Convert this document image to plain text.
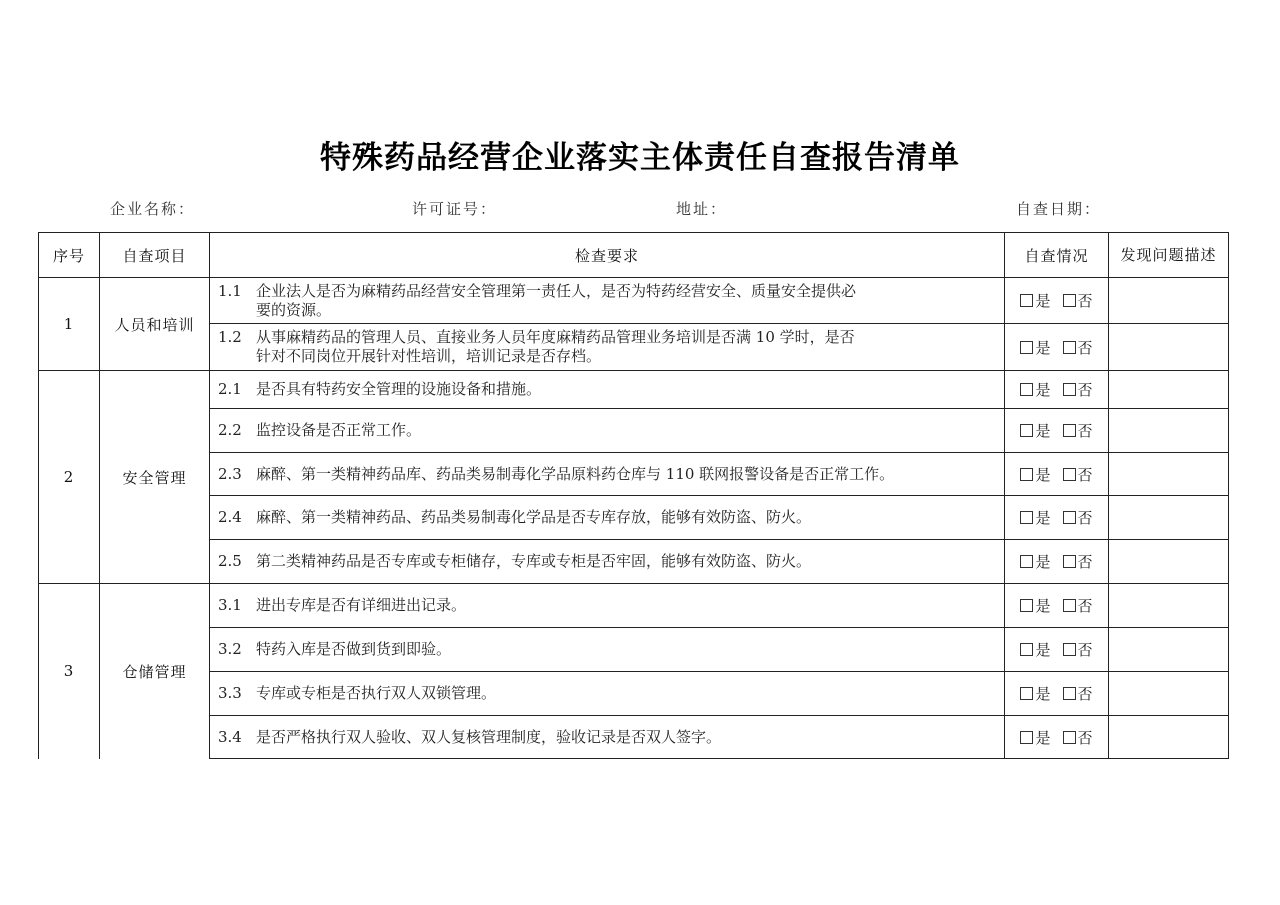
特殊药品经营企业落实主体责任自查报告清单
企业名称：	许可证号：	地址：	自查日期：
序号	自查项目	检查要求	自查情况	发现问题描述
1	人员和培训	1.1 企业法人是否为麻精药品经营安全管理第一责任人，是否为特药经营安全、质量安全提供必
要的资源。	是 否	
		1.2 从事麻精药品的管理人员、直接业务人员年度麻精药品管理业务培训是否满 10 学时，是否
针对不同岗位开展针对性培训，培训记录是否存档。	是 否	
2	安全管理	2.1 是否具有特药安全管理的设施设备和措施。	是 否	
		2.2 监控设备是否正常工作。	是 否	
		2.3 麻醉、第一类精神药品库、药品类易制毒化学品原料药仓库与 110 联网报警设备是否正常工作。	是 否	
		2.4 麻醉、第一类精神药品、药品类易制毒化学品是否专库存放，能够有效防盗、防火。	是 否	
		2.5 第二类精神药品是否专库或专柜储存，专库或专柜是否牢固，能够有效防盗、防火。	是 否	
3	仓储管理	3.1 进出专库是否有详细进出记录。	是 否	
		3.2 特药入库是否做到货到即验。	是 否	
		3.3 专库或专柜是否执行双人双锁管理。	是 否	
		3.4 是否严格执行双人验收、双人复核管理制度，验收记录是否双人签字。	是 否	
